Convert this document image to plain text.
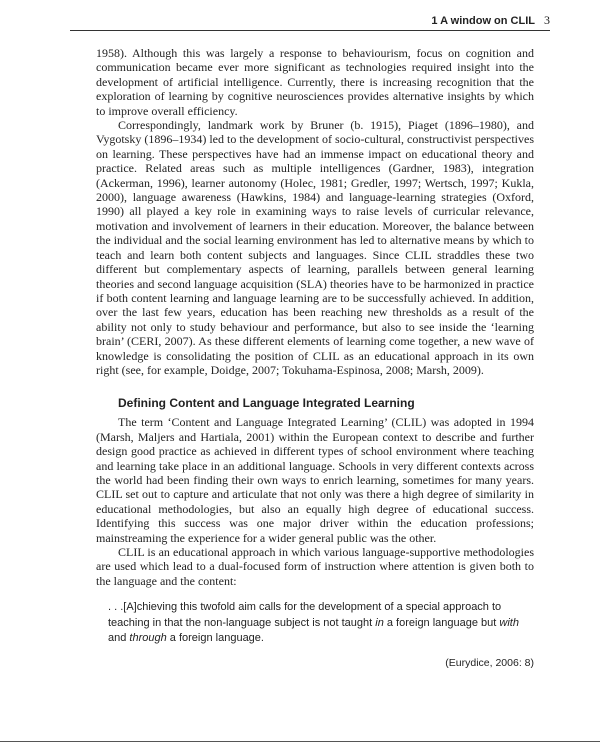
1 A window on CLIL 3

1958). Although this was largely a response to behaviourism, focus on cognition and communication became ever more significant as technologies required insight into the development of artificial intelligence. Currently, there is increasing recognition that the exploration of learning by cognitive neurosciences provides alternative insights by which to improve overall efficiency.

Correspondingly, landmark work by Bruner (b. 1915), Piaget (1896–1980), and Vygotsky (1896–1934) led to the development of socio-cultural, constructivist perspectives on learning. These perspectives have had an immense impact on educational theory and practice. Related areas such as multiple intelligences (Gardner, 1983), integration (Ackerman, 1996), learner autonomy (Holec, 1981; Gredler, 1997; Wertsch, 1997; Kukla, 2000), language awareness (Hawkins, 1984) and language-learning strategies (Oxford, 1990) all played a key role in examining ways to raise levels of curricular relevance, motivation and involvement of learners in their education. Moreover, the balance between the individual and the social learning environment has led to alternative means by which to teach and learn both content subjects and languages. Since CLIL straddles these two different but complementary aspects of learning, parallels between general learning theories and second language acquisition (SLA) theories have to be harmonized in practice if both content learning and language learning are to be successfully achieved. In addition, over the last few years, education has been reaching new thresholds as a result of the ability not only to study behaviour and performance, but also to see inside the ‘learning brain’ (CERI, 2007). As these different elements of learning come together, a new wave of knowledge is consolidating the position of CLIL as an educational approach in its own right (see, for example, Doidge, 2007; Tokuhama-Espinosa, 2008; Marsh, 2009).

Defining Content and Language Integrated Learning

The term ‘Content and Language Integrated Learning’ (CLIL) was adopted in 1994 (Marsh, Maljers and Hartiala, 2001) within the European context to describe and further design good practice as achieved in different types of school environment where teaching and learning take place in an additional language. Schools in very different contexts across the world had been finding their own ways to enrich learning, sometimes for many years. CLIL set out to capture and articulate that not only was there a high degree of similarity in educational methodologies, but also an equally high degree of educational success. Identifying this success was one major driver within the education professions; mainstreaming the experience for a wider general public was the other.

CLIL is an educational approach in which various language-supportive methodologies are used which lead to a dual-focused form of instruction where attention is given both to the language and the content:

. . .[A]chieving this twofold aim calls for the development of a special approach to teaching in that the non-language subject is not taught in a foreign language but with and through a foreign language.
(Eurydice, 2006: 8)
